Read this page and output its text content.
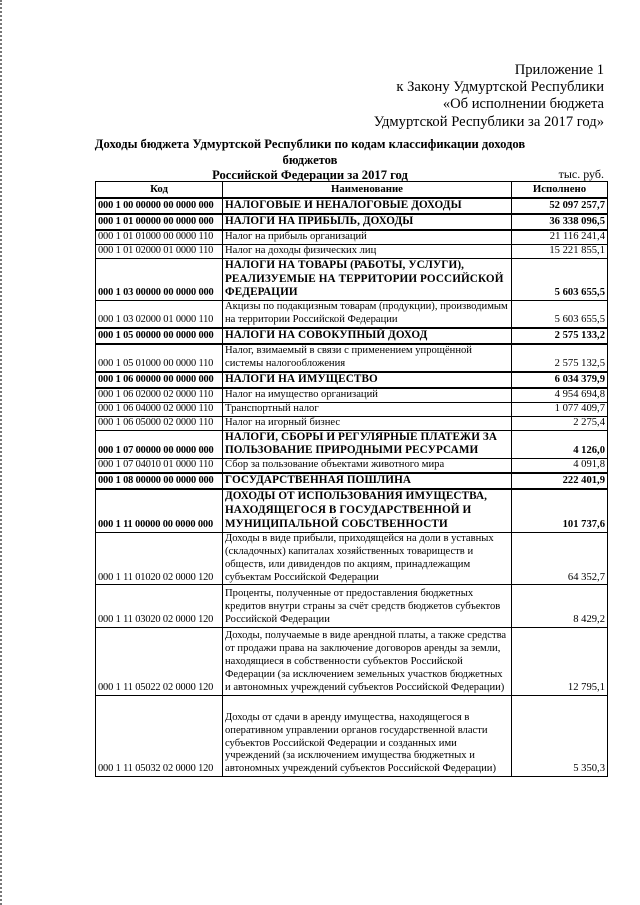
Приложение 1
к Закону Удмуртской Республики
«Об исполнении бюджета
Удмуртской Республики за 2017 год»
Доходы бюджета Удмуртской Республики по кодам классификации доходов бюджетов
Российской Федерации за 2017 год	тыс. руб.
Код	Наименование	Исполнено
000 1 00 00000 00 0000 000	НАЛОГОВЫЕ И НЕНАЛОГОВЫЕ ДОХОДЫ	52 097 257,7
000 1 01 00000 00 0000 000	НАЛОГИ НА ПРИБЫЛЬ, ДОХОДЫ	36 338 096,5
000 1 01 01000 00 0000 110	Налог на прибыль организаций	21 116 241,4
000 1 01 02000 01 0000 110	Налог на доходы физических лиц	15 221 855,1
000 1 03 00000 00 0000 000	НАЛОГИ НА ТОВАРЫ (РАБОТЫ, УСЛУГИ), РЕАЛИЗУЕМЫЕ НА ТЕРРИТОРИИ РОССИЙСКОЙ ФЕДЕРАЦИИ	5 603 655,5
000 1 03 02000 01 0000 110	Акцизы по подакцизным товарам (продукции), производимым на территории Российской Федерации	5 603 655,5
000 1 05 00000 00 0000 000	НАЛОГИ НА СОВОКУПНЫЙ ДОХОД	2 575 133,2
000 1 05 01000 00 0000 110	Налог, взимаемый в связи с применением упрощённой системы налогообложения	2 575 132,5
000 1 06 00000 00 0000 000	НАЛОГИ НА ИМУЩЕСТВО	6 034 379,9
000 1 06 02000 02 0000 110	Налог на имущество организаций	4 954 694,8
000 1 06 04000 02 0000 110	Транспортный налог	1 077 409,7
000 1 06 05000 02 0000 110	Налог на игорный бизнес	2 275,4
000 1 07 00000 00 0000 000	НАЛОГИ, СБОРЫ И РЕГУЛЯРНЫЕ ПЛАТЕЖИ ЗА ПОЛЬЗОВАНИЕ ПРИРОДНЫМИ РЕСУРСАМИ	4 126,0
000 1 07 04010 01 0000 110	Сбор за пользование объектами животного мира	4 091,8
000 1 08 00000 00 0000 000	ГОСУДАРСТВЕННАЯ ПОШЛИНА	222 401,9
000 1 11 00000 00 0000 000	ДОХОДЫ ОТ ИСПОЛЬЗОВАНИЯ ИМУЩЕСТВА, НАХОДЯЩЕГОСЯ В ГОСУДАРСТВЕННОЙ И МУНИЦИПАЛЬНОЙ СОБСТВЕННОСТИ	101 737,6
000 1 11 01020 02 0000 120	Доходы в виде прибыли, приходящейся на доли в уставных (складочных) капиталах хозяйственных товариществ и обществ, или дивидендов по акциям, принадлежащим субъектам Российской Федерации	64 352,7
000 1 11 03020 02 0000 120	Проценты, полученные от предоставления бюджетных кредитов внутри страны за счёт средств бюджетов субъектов Российской Федерации	8 429,2
000 1 11 05022 02 0000 120	Доходы, получаемые в виде арендной платы, а также средства от продажи права на заключение договоров аренды за земли, находящиеся в собственности субъектов Российской Федерации (за исключением земельных участков бюджетных и автономных учреждений субъектов Российской Федерации)	12 795,1
000 1 11 05032 02 0000 120	Доходы от сдачи в аренду имущества, находящегося в оперативном управлении органов государственной власти субъектов Российской Федерации и созданных ими учреждений (за исключением имущества бюджетных и автономных учреждений субъектов Российской Федерации)	5 350,3
